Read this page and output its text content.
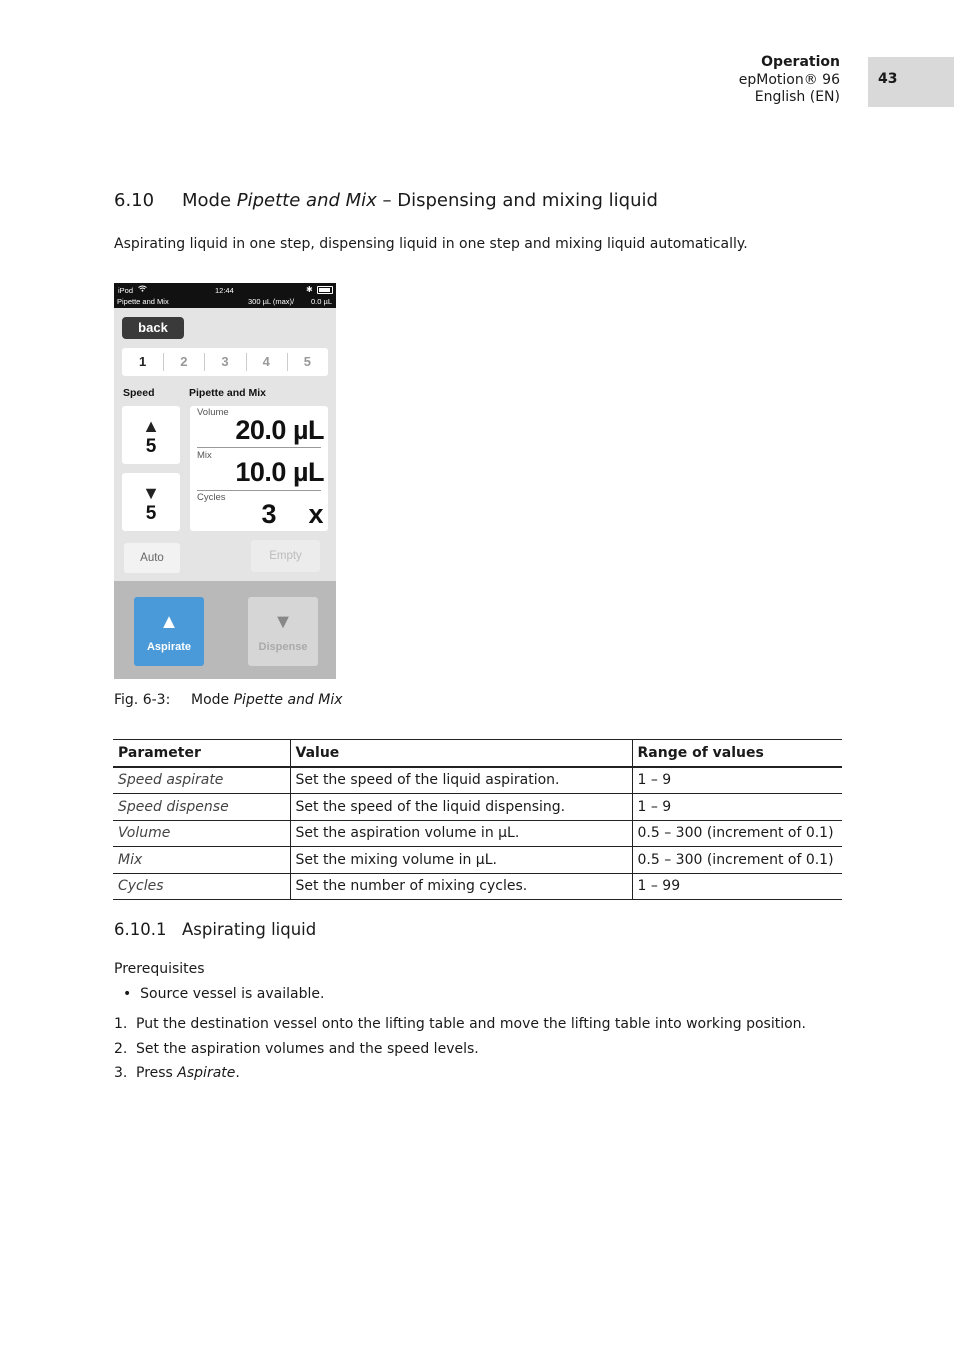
Operation
epMotion® 96
English (EN)
43
6.10 Mode Pipette and Mix – Dispensing and mixing liquid
Aspirating liquid in one step, dispensing liquid in one step and mixing liquid automatically.
iPod	12:44	✱
Pipette and Mix	300 µL (max)/ 0.0 µL
back
1	2	3	4	5
Speed	Pipette and Mix
▲
5
▼
5
Volume
20.0 µL
Mix
10.0 µL
Cycles
3 x
Auto	Empty
▲
Aspirate
▼
Dispense
Fig. 6-3: Mode Pipette and Mix
Parameter	Value	Range of values
Speed aspirate	Set the speed of the liquid aspiration.	1 – 9
Speed dispense	Set the speed of the liquid dispensing.	1 – 9
Volume	Set the aspiration volume in µL.	0.5 – 300 (increment of 0.1)
Mix	Set the mixing volume in µL.	0.5 – 300 (increment of 0.1)
Cycles	Set the number of mixing cycles.	1 – 99
6.10.1 Aspirating liquid
Prerequisites
• Source vessel is available.
1. Put the destination vessel onto the lifting table and move the lifting table into working position.
2. Set the aspiration volumes and the speed levels.
3. Press Aspirate.
